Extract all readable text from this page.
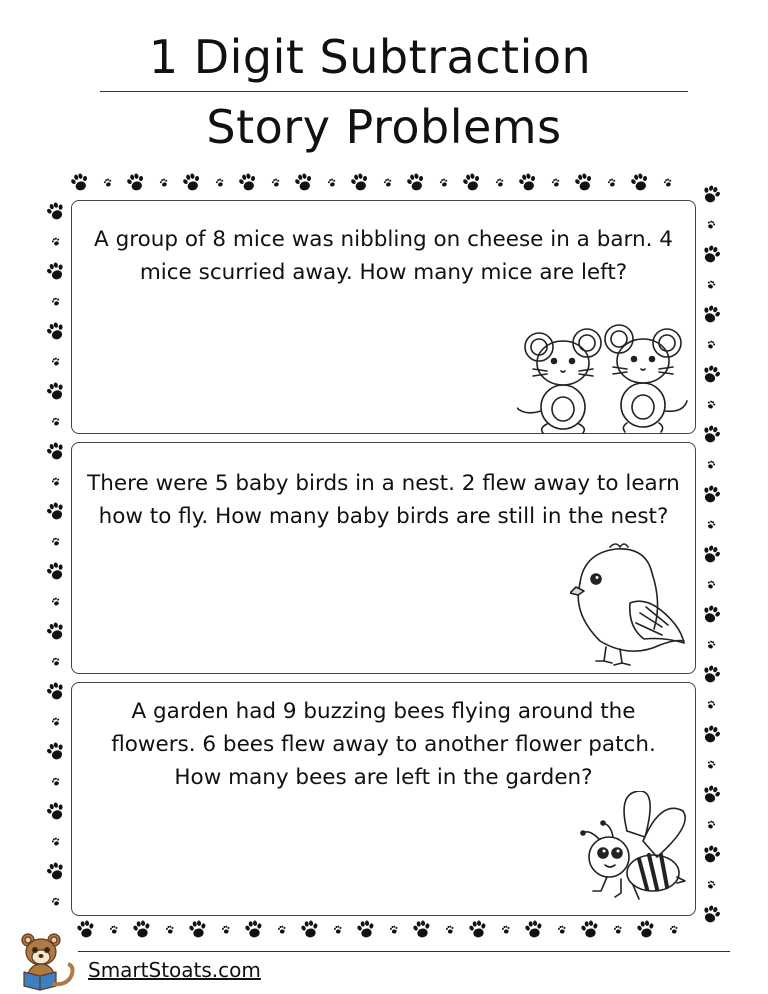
1 Digit Subtraction
Story Problems
A group of 8 mice was nibbling on cheese in a barn. 4 mice scurried away. How many mice are left?
There were 5 baby birds in a nest. 2 flew away to learn how to fly. How many baby birds are still in the nest?
A garden had 9 buzzing bees flying around the flowers. 6 bees flew away to another flower patch. How many bees are left in the garden?
SmartStoats.com
